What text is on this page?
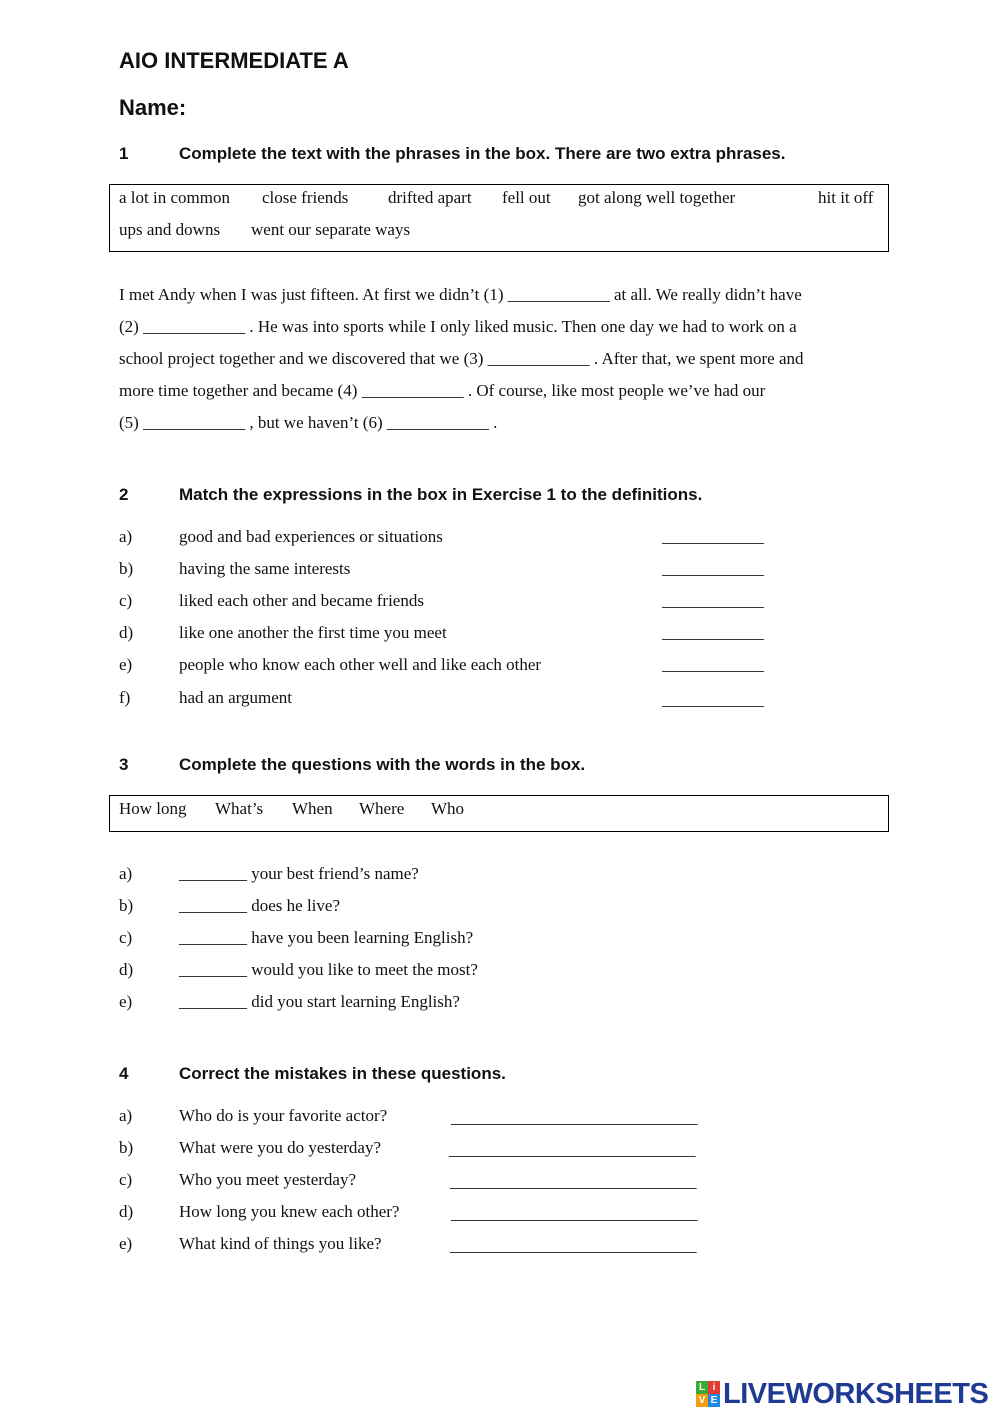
AIO INTERMEDIATE A
Name:
1	Complete the text with the phrases in the box. There are two extra phrases.
a lot in common close friends drifted apart fell out got along well together	hit it off
ups and downs went our separate ways
I met Andy when I was just fifteen. At first we didn’t (1) ____________ at all. We really didn’t have
(2) ____________ . He was into sports while I only liked music. Then one day we had to work on a
school project together and we discovered that we (3) ____________ . After that, we spent more and
more time together and became (4) ____________ . Of course, like most people we’ve had our
(5) ____________ , but we haven’t (6) ____________ .
2	Match the expressions in the box in Exercise 1 to the definitions.
a)	good and bad experiences or situations	____________
b)	having the same interests	____________
c)	liked each other and became friends	____________
d)	like one another the first time you meet	____________
e)	people who know each other well and like each other	____________
f)	had an argument	____________
3	Complete the questions with the words in the box.
How long What’s When Where Who
a)	________ your best friend’s name?
b)	________ does he live?
c)	________ have you been learning English?
d)	________ would you like to meet the most?
e)	________ did you start learning English?
4	Correct the mistakes in these questions.
a)	Who do is your favorite actor?	_____________________________
b)	What were you do yesterday?	_____________________________
c)	Who you meet yesterday?	_____________________________
d)	How long you knew each other?	_____________________________
e)	What kind of things you like?	_____________________________
L i
V E LIVEWORKSHEETS
